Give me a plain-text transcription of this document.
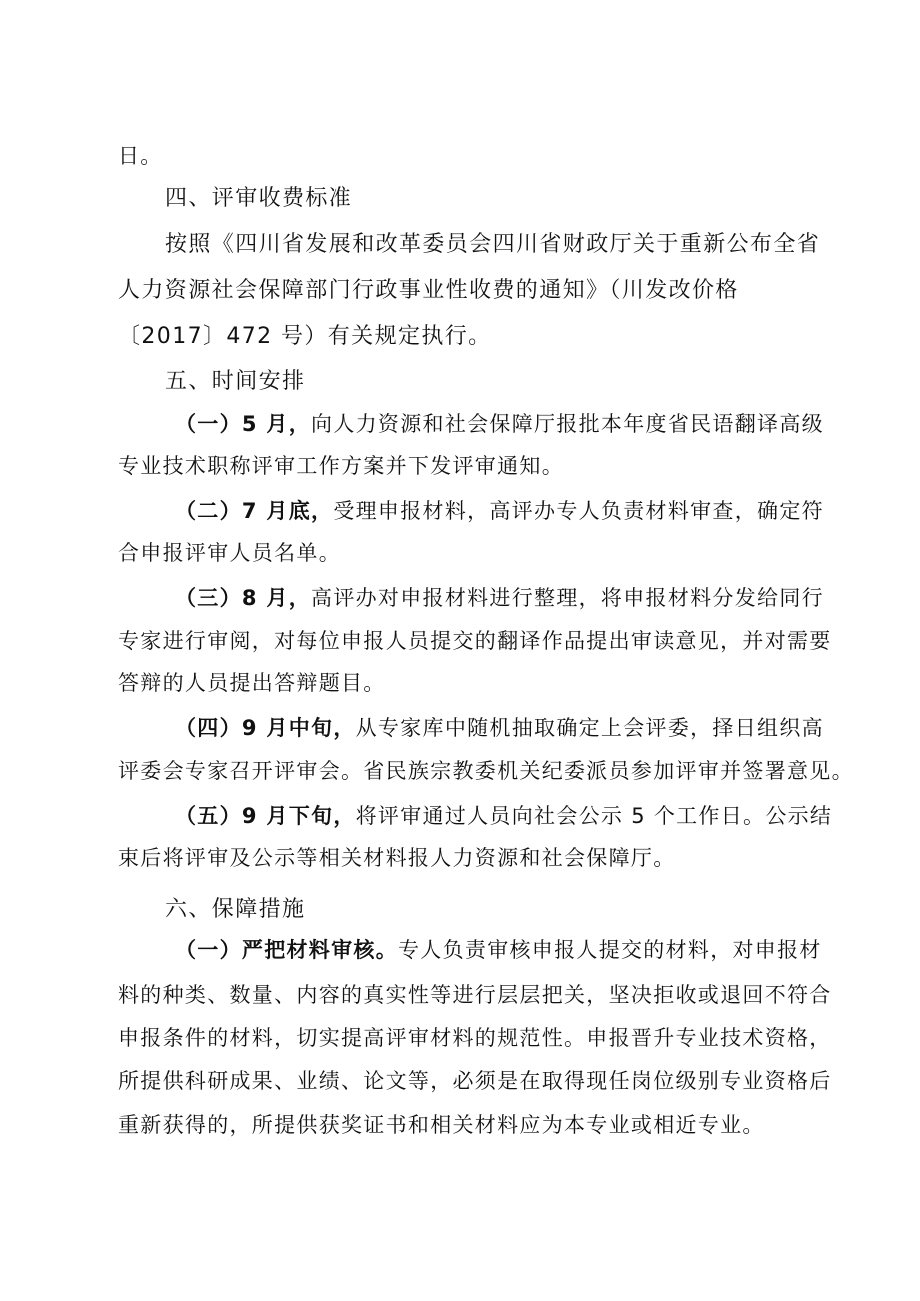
日。
四、评审收费标准
按照《四川省发展和改革委员会四川省财政厅关于重新公布全省
人力资源社会保障部门行政事业性收费的通知》（川发改价格
〔2017〕472 号）有关规定执行。
五、时间安排
（一）5 月，向人力资源和社会保障厅报批本年度省民语翻译高级
专业技术职称评审工作方案并下发评审通知。
（二）7 月底，受理申报材料，高评办专人负责材料审查，确定符
合申报评审人员名单。
（三）8 月，高评办对申报材料进行整理，将申报材料分发给同行
专家进行审阅，对每位申报人员提交的翻译作品提出审读意见，并对需要
答辩的人员提出答辩题目。
（四）9 月中旬，从专家库中随机抽取确定上会评委，择日组织高
评委会专家召开评审会。省民族宗教委机关纪委派员参加评审并签署意见。
（五）9 月下旬，将评审通过人员向社会公示 5 个工作日。公示结
束后将评审及公示等相关材料报人力资源和社会保障厅。
六、保障措施
（一）严把材料审核。专人负责审核申报人提交的材料，对申报材
料的种类、数量、内容的真实性等进行层层把关，坚决拒收或退回不符合
申报条件的材料，切实提高评审材料的规范性。申报晋升专业技术资格，
所提供科研成果、业绩、论文等，必须是在取得现任岗位级别专业资格后
重新获得的，所提供获奖证书和相关材料应为本专业或相近专业。
